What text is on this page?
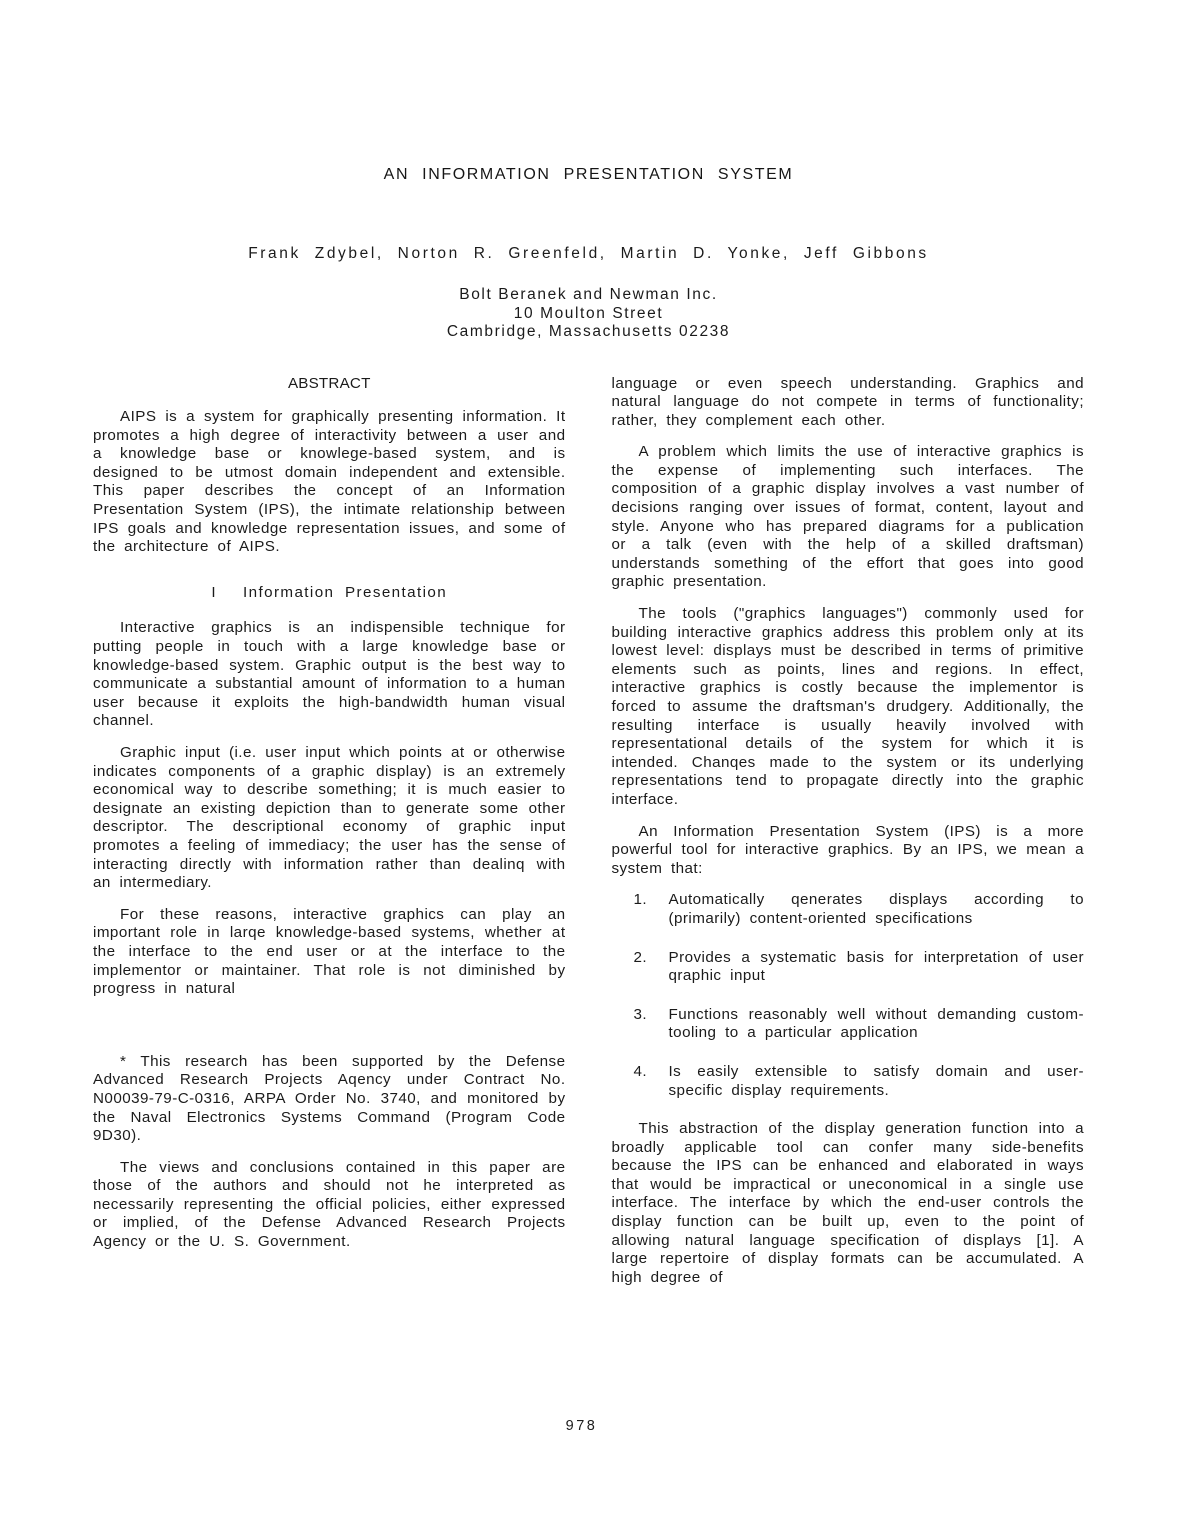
AN INFORMATION PRESENTATION SYSTEM
Frank Zdybel, Norton R. Greenfeld, Martin D. Yonke, Jeff Gibbons
Bolt Beranek and Newman Inc.
10 Moulton Street
Cambridge, Massachusetts 02238

ABSTRACT

AIPS is a system for graphically presenting information. It promotes a high degree of interactivity between a user and a knowledge base or knowlege-based system, and is designed to be utmost domain independent and extensible. This paper describes the concept of an Information Presentation System (IPS), the intimate relationship between IPS goals and knowledge representation issues, and some of the architecture of AIPS.

I Information Presentation

Interactive graphics is an indispensible technique for putting people in touch with a large knowledge base or knowledge-based system. Graphic output is the best way to communicate a substantial amount of information to a human user because it exploits the high-bandwidth human visual channel.

Graphic input (i.e. user input which points at or otherwise indicates components of a graphic display) is an extremely economical way to describe something; it is much easier to designate an existing depiction than to generate some other descriptor. The descriptional economy of graphic input promotes a feeling of immediacy; the user has the sense of interacting directly with information rather than dealinq with an intermediary.

For these reasons, interactive graphics can play an important role in larqe knowledge-based systems, whether at the interface to the end user or at the interface to the implementor or maintainer. That role is not diminished by progress in natural

* This research has been supported by the Defense Advanced Research Projects Aqency under Contract No. N00039-79-C-0316, ARPA Order No. 3740, and monitored by the Naval Electronics Systems Command (Program Code 9D30).

The views and conclusions contained in this paper are those of the authors and should not he interpreted as necessarily representing the official policies, either expressed or implied, of the Defense Advanced Research Projects Agency or the U. S. Government.

language or even speech understanding. Graphics and natural language do not compete in terms of functionality; rather, they complement each other.

A problem which limits the use of interactive graphics is the expense of implementing such interfaces. The composition of a graphic display involves a vast number of decisions ranging over issues of format, content, layout and style. Anyone who has prepared diagrams for a publication or a talk (even with the help of a skilled draftsman) understands something of the effort that goes into good graphic presentation.

The tools ("graphics languages") commonly used for building interactive graphics address this problem only at its lowest level: displays must be described in terms of primitive elements such as points, lines and regions. In effect, interactive graphics is costly because the implementor is forced to assume the draftsman's drudgery. Additionally, the resulting interface is usually heavily involved with representational details of the system for which it is intended. Chanqes made to the system or its underlying representations tend to propagate directly into the graphic interface.

An Information Presentation System (IPS) is a more powerful tool for interactive graphics. By an IPS, we mean a system that:

1.	Automatically qenerates displays according to (primarily) content-oriented specifications
2.	Provides a systematic basis for interpretation of user qraphic input
3.	Functions reasonably well without demanding custom-tooling to a particular application
4.	Is easily extensible to satisfy domain and user-specific display requirements.

This abstraction of the display generation function into a broadly applicable tool can confer many side-benefits because the IPS can be enhanced and elaborated in ways that would be impractical or uneconomical in a single use interface. The interface by which the end-user controls the display function can be built up, even to the point of allowing natural language specification of displays [1]. A large repertoire of display formats can be accumulated. A high degree of

978
